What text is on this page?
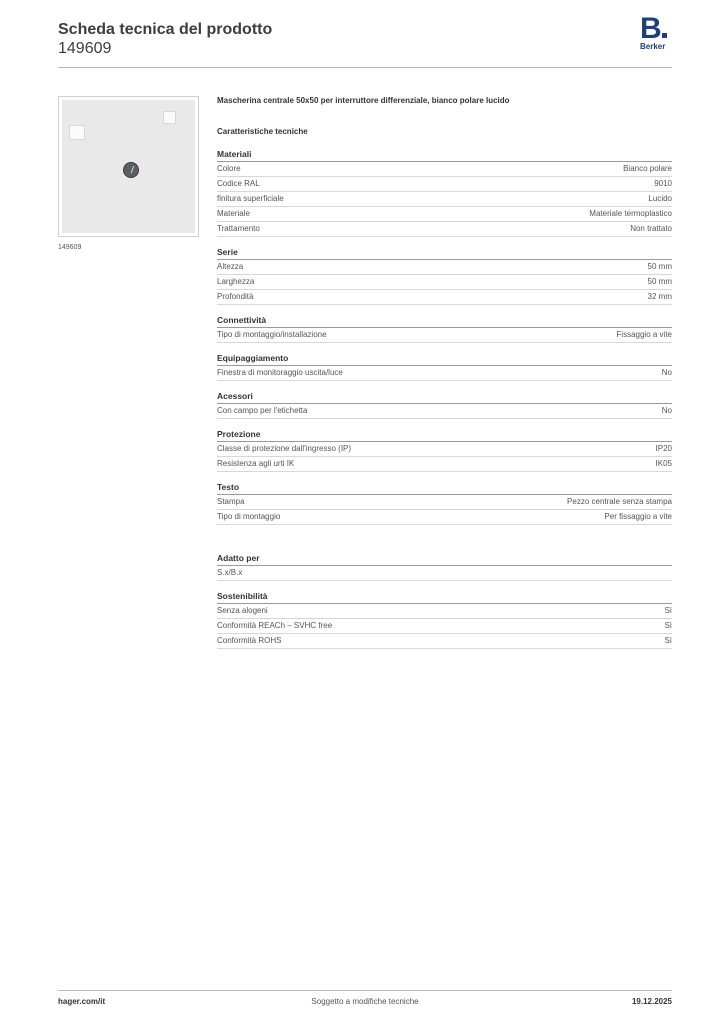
Scheda tecnica del prodotto
149609
B
Berker
149609
Mascherina centrale 50x50 per interruttore differenziale, bianco polare lucido
Caratteristiche tecniche
Materiali
Colore	Bianco polare
Codice RAL	9010
finitura superficiale	Lucido
Materiale	Materiale termoplastico
Trattamento	Non trattato
Serie
Altezza	50 mm
Larghezza	50 mm
Profondità	32 mm
Connettività
Tipo di montaggio/installazione	Fissaggio a vite
Equipaggiamento
Finestra di monitoraggio uscita/luce	No
Acessori
Con campo per l'etichetta	No
Protezione
Classe di protezione dall'ingresso (IP)	IP20
Resistenza agli urti IK	IK05
Testo
Stampa	Pezzo centrale senza stampa
Tipo di montaggio	Per fissaggio a vite
Adatto per
S.x/B.x
Sostenibilità
Senza alogeni	Sì
Conformità REACh – SVHC free	Sì
Conformità ROHS	Sì
Soggetto a modifiche tecniche
hager.com/it	19.12.2025
